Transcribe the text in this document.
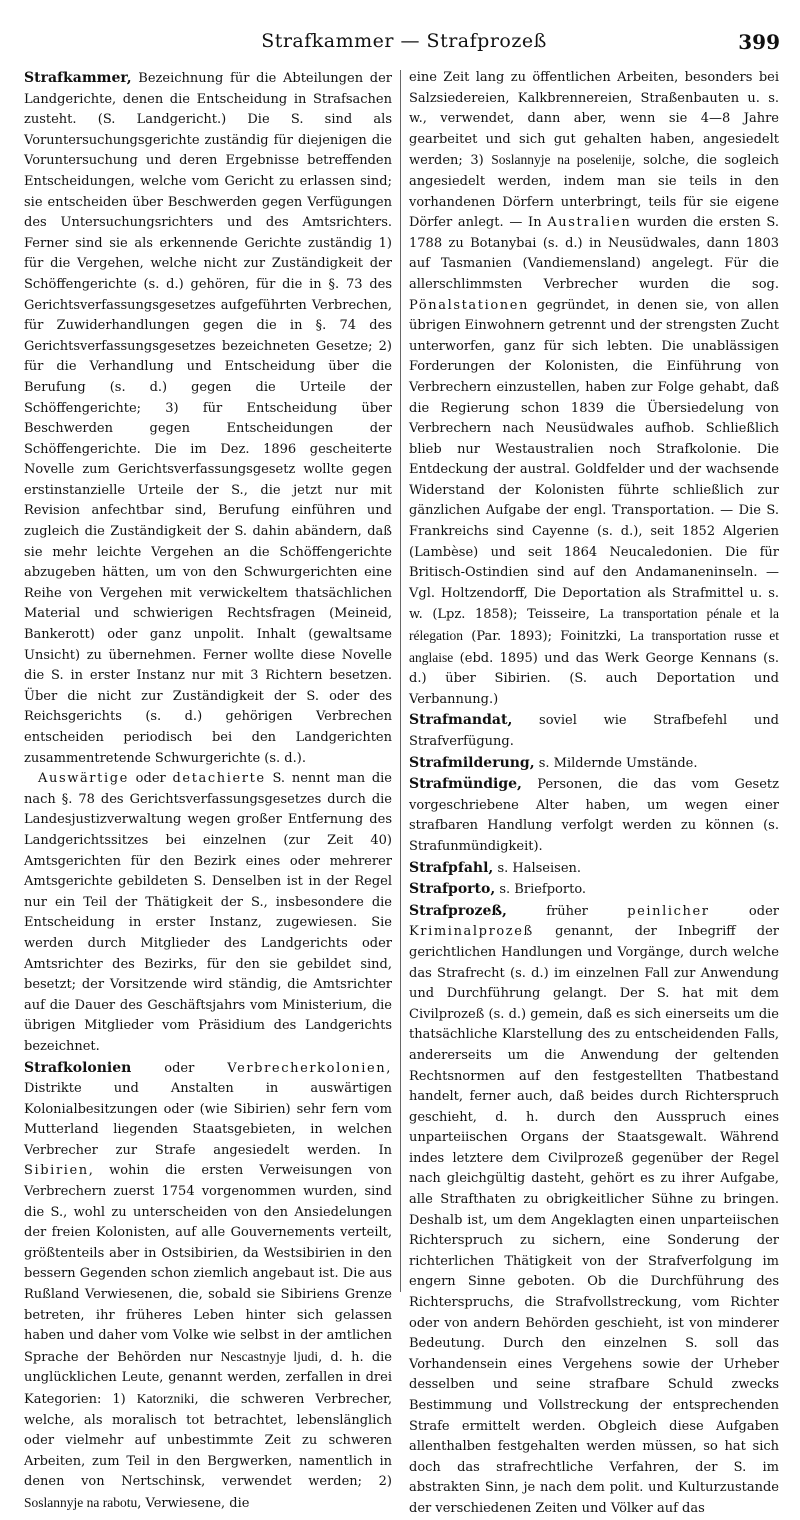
Strafkammer — Strafprozeß	399

Strafkammer, Bezeichnung für die Abteilungen der Landgerichte, denen die Entscheidung in Strafsachen zusteht. (S. Landgericht.) Die S. sind als Voruntersuchungsgerichte zuständig für diejenigen die Voruntersuchung und deren Ergebnisse betreffenden Entscheidungen, welche vom Gericht zu erlassen sind; sie entscheiden über Beschwerden gegen Verfügungen des Untersuchungsrichters und des Amtsrichters. Ferner sind sie als erkennende Gerichte zuständig 1) für die Vergehen, welche nicht zur Zuständigkeit der Schöffengerichte (s. d.) gehören, für die in §. 73 des Gerichtsverfassungsgesetzes aufgeführten Verbrechen, für Zuwiderhandlungen gegen die in §. 74 des Gerichtsverfassungsgesetzes bezeichneten Gesetze; 2) für die Verhandlung und Entscheidung über die Berufung (s. d.) gegen die Urteile der Schöffengerichte; 3) für Entscheidung über Beschwerden gegen Entscheidungen der Schöffengerichte. Die im Dez. 1896 gescheiterte Novelle zum Gerichtsverfassungsgesetz wollte gegen erstinstanzielle Urteile der S., die jetzt nur mit Revision anfechtbar sind, Berufung einführen und zugleich die Zuständigkeit der S. dahin abändern, daß sie mehr leichte Vergehen an die Schöffengerichte abzugeben hätten, um von den Schwurgerichten eine Reihe von Vergehen mit verwickeltem thatsächlichen Material und schwierigen Rechtsfragen (Meineid, Bankerott) oder ganz unpolit. Inhalt (gewaltsame Unsicht) zu übernehmen. Ferner wollte diese Novelle die S. in erster Instanz nur mit 3 Richtern besetzen. Über die nicht zur Zuständigkeit der S. oder des Reichsgerichts (s. d.) gehörigen Verbrechen entscheiden periodisch bei den Landgerichten zusammentretende Schwurgerichte (s. d.).

Auswärtige oder detachierte S. nennt man die nach §. 78 des Gerichtsverfassungsgesetzes durch die Landesjustizverwaltung wegen großer Entfernung des Landgerichtssitzes bei einzelnen (zur Zeit 40) Amtsgerichten für den Bezirk eines oder mehrerer Amtsgerichte gebildeten S. Denselben ist in der Regel nur ein Teil der Thätigkeit der S., insbesondere die Entscheidung in erster Instanz, zugewiesen. Sie werden durch Mitglieder des Landgerichts oder Amtsrichter des Bezirks, für den sie gebildet sind, besetzt; der Vorsitzende wird ständig, die Amtsrichter auf die Dauer des Geschäftsjahrs vom Ministerium, die übrigen Mitglieder vom Präsidium des Landgerichts bezeichnet.

Strafkolonien oder Verbrecherkolonien, Distrikte und Anstalten in auswärtigen Kolonialbesitzungen oder (wie Sibirien) sehr fern vom Mutterland liegenden Staatsgebieten, in welchen Verbrecher zur Strafe angesiedelt werden. In Sibirien, wohin die ersten Verweisungen von Verbrechern zuerst 1754 vorgenommen wurden, sind die S., wohl zu unterscheiden von den Ansiedelungen der freien Kolonisten, auf alle Gouvernements verteilt, größtenteils aber in Ostsibirien, da Westsibirien in den bessern Gegenden schon ziemlich angebaut ist. Die aus Rußland Verwiesenen, die, sobald sie Sibiriens Grenze betreten, ihr früheres Leben hinter sich gelassen haben und daher vom Volke wie selbst in der amtlichen Sprache der Behörden nur Nescastnyje ljudi, d. h. die unglücklichen Leute, genannt werden, zerfallen in drei Kategorien: 1) Katorzniki, die schweren Verbrecher, welche, als moralisch tot betrachtet, lebenslänglich oder vielmehr auf unbestimmte Zeit zu schweren Arbeiten, zum Teil in den Bergwerken, namentlich in denen von Nertschinsk, verwendet werden; 2) Soslannyje na rabotu, Verwiesene, die

eine Zeit lang zu öffentlichen Arbeiten, besonders bei Salzsiedereien, Kalkbrennereien, Straßenbauten u. s. w., verwendet, dann aber, wenn sie 4—8 Jahre gearbeitet und sich gut gehalten haben, angesiedelt werden; 3) Soslannyje na poselenije, solche, die sogleich angesiedelt werden, indem man sie teils in den vorhandenen Dörfern unterbringt, teils für sie eigene Dörfer anlegt. — In Australien wurden die ersten S. 1788 zu Botanybai (s. d.) in Neusüdwales, dann 1803 auf Tasmanien (Vandiemensland) angelegt. Für die allerschlimmsten Verbrecher wurden die sog. Pönalstationen gegründet, in denen sie, von allen übrigen Einwohnern getrennt und der strengsten Zucht unterworfen, ganz für sich lebten. Die unablässigen Forderungen der Kolonisten, die Einführung von Verbrechern einzustellen, haben zur Folge gehabt, daß die Regierung schon 1839 die Übersiedelung von Verbrechern nach Neusüdwales aufhob. Schließlich blieb nur Westaustralien noch Strafkolonie. Die Entdeckung der austral. Goldfelder und der wachsende Widerstand der Kolonisten führte schließlich zur gänzlichen Aufgabe der engl. Transportation. — Die S. Frankreichs sind Cayenne (s. d.), seit 1852 Algerien (Lambèse) und seit 1864 Neucaledonien. Die für Britisch-Ostindien sind auf den Andamaneninseln. — Vgl. Holtzendorff, Die Deportation als Strafmittel u. s. w. (Lpz. 1858); Teisseire, La transportation pénale et la rélegation (Par. 1893); Foinitzki, La transportation russe et anglaise (ebd. 1895) und das Werk George Kennans (s. d.) über Sibirien. (S. auch Deportation und Verbannung.)

Strafmandat, soviel wie Strafbefehl und Strafverfügung.

Strafmilderung, s. Mildernde Umstände.

Strafmündige, Personen, die das vom Gesetz vorgeschriebene Alter haben, um wegen einer strafbaren Handlung verfolgt werden zu können (s. Strafunmündigkeit).

Strafpfahl, s. Halseisen.

Strafporto, s. Briefporto.

Strafprozeß, früher peinlicher oder Kriminalprozeß genannt, der Inbegriff der gerichtlichen Handlungen und Vorgänge, durch welche das Strafrecht (s. d.) im einzelnen Fall zur Anwendung und Durchführung gelangt. Der S. hat mit dem Civilprozeß (s. d.) gemein, daß es sich einerseits um die thatsächliche Klarstellung des zu entscheidenden Falls, andererseits um die Anwendung der geltenden Rechtsnormen auf den festgestellten Thatbestand handelt, ferner auch, daß beides durch Richterspruch geschieht, d. h. durch den Ausspruch eines unparteiischen Organs der Staatsgewalt. Während indes letztere dem Civilprozeß gegenüber der Regel nach gleichgültig dasteht, gehört es zu ihrer Aufgabe, alle Strafthaten zu obrigkeitlicher Sühne zu bringen. Deshalb ist, um dem Angeklagten einen unparteiischen Richterspruch zu sichern, eine Sonderung der richterlichen Thätigkeit von der Strafverfolgung im engern Sinne geboten. Ob die Durchführung des Richterspruchs, die Strafvollstreckung, vom Richter oder von andern Behörden geschieht, ist von minderer Bedeutung. Durch den einzelnen S. soll das Vorhandensein eines Vergehens sowie der Urheber desselben und seine strafbare Schuld zwecks Bestimmung und Vollstreckung der entsprechenden Strafe ermittelt werden. Obgleich diese Aufgaben allenthalben festgehalten werden müssen, so hat sich doch das strafrechtliche Verfahren, der S. im abstrakten Sinn, je nach dem polit. und Kulturzustande der verschiedenen Zeiten und Völker auf das
